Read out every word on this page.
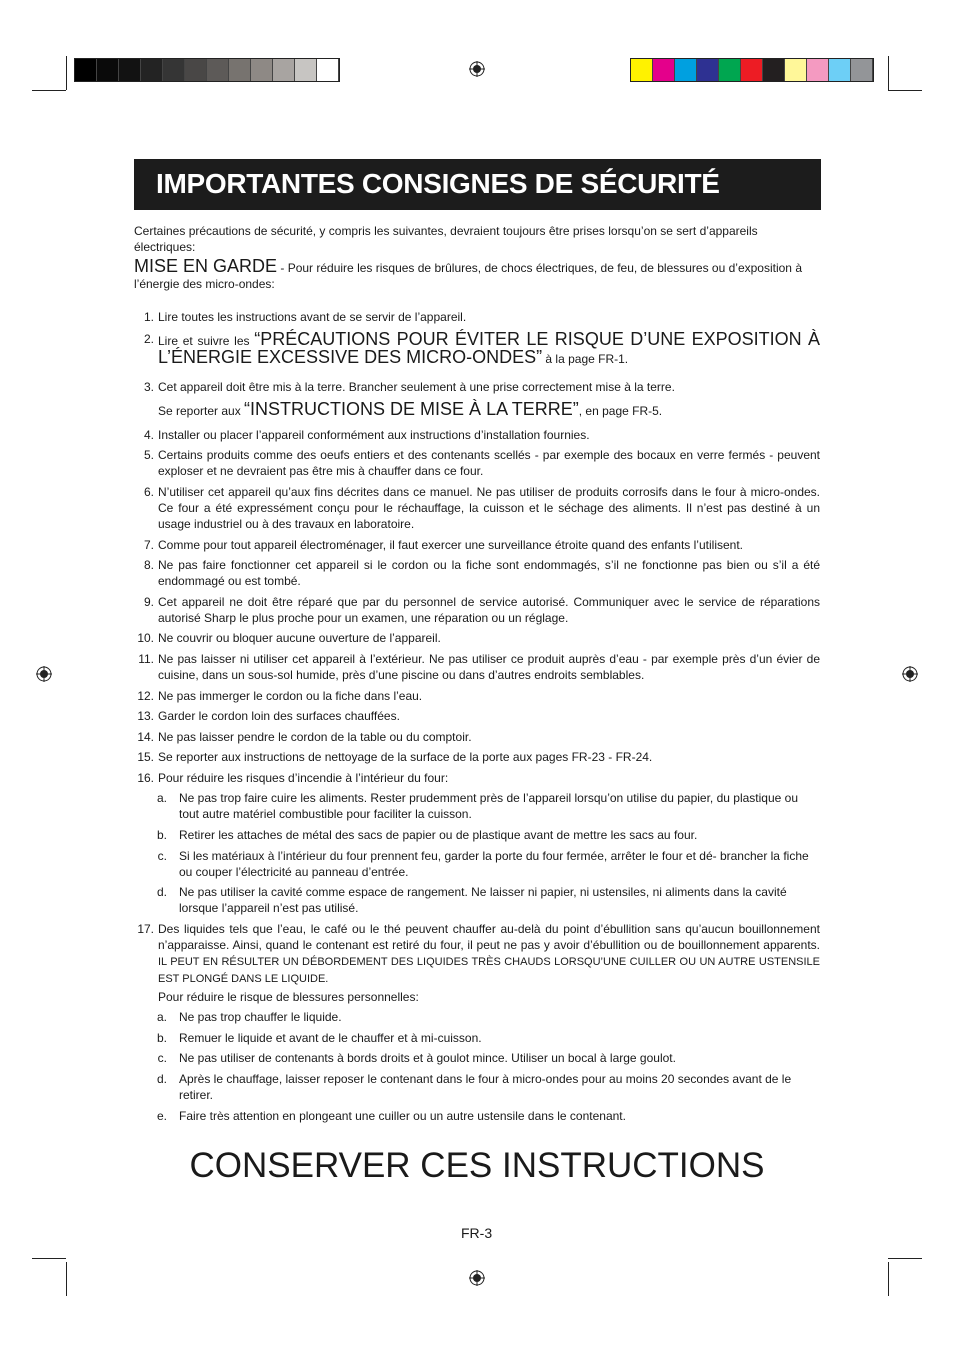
IMPORTANTES CONSIGNES DE SÉCURITÉ
Certaines précautions de sécurité, y compris les suivantes, devraient toujours être prises lorsqu’on se sert d’appareils électriques:
MISE EN GARDE - Pour réduire les risques de brûlures, de chocs électriques, de feu, de blessures ou d’exposition à l’énergie des micro-ondes:
1. Lire toutes les instructions avant de se servir de l’appareil.
2. Lire et suivre les “PRÉCAUTIONS POUR ÉVITER LE RISQUE D’UNE EXPOSITION À L’ÉNERGIE EXCESSIVE DES MICRO-ONDES” à la page FR-1.
3. Cet appareil doit être mis à la terre. Brancher seulement à une prise correctement mise à la terre.
Se reporter aux “INSTRUCTIONS DE MISE À LA TERRE”, en page FR-5.
4. Installer ou placer l’appareil conformément aux instructions d’installation fournies.
5. Certains produits comme des oeufs entiers et des contenants scellés - par exemple des bocaux en verre fermés - peuvent exploser et ne devraient pas être mis à chauffer dans ce four.
6. N’utiliser cet appareil qu’aux fins décrites dans ce manuel. Ne pas utiliser de produits corrosifs dans le four à micro-ondes. Ce four a été expressément conçu pour le réchauffage, la cuisson et le séchage des aliments. Il n’est pas destiné à un usage industriel ou à des travaux en laboratoire.
7. Comme pour tout appareil électroménager, il faut exercer une surveillance étroite quand des enfants l’utilisent.
8. Ne pas faire fonctionner cet appareil si le cordon ou la fiche sont endommagés, s’il ne fonctionne pas bien ou s’il a été endommagé ou est tombé.
9. Cet appareil ne doit être réparé que par du personnel de service autorisé. Communiquer avec le service de réparations autorisé Sharp le plus proche pour un examen, une réparation ou un réglage.
10. Ne couvrir ou bloquer aucune ouverture de l’appareil.
11. Ne pas laisser ni utiliser cet appareil à l’extérieur. Ne pas utiliser ce produit auprès d’eau - par exemple près d’un évier de cuisine, dans un sous-sol humide, près d’une piscine ou dans d’autres endroits semblables.
12. Ne pas immerger le cordon ou la fiche dans l’eau.
13. Garder le cordon loin des surfaces chauffées.
14. Ne pas laisser pendre le cordon de la table ou du comptoir.
15. Se reporter aux instructions de nettoyage de la surface de la porte aux pages FR-23 - FR-24.
16. Pour réduire les risques d’incendie à l’intérieur du four:
17. Des liquides tels que l’eau, le café ou le thé peuvent chauffer au-delà du point d’ébullition sans qu’aucun bouillonnement n’apparaisse. Ainsi, quand le contenant est retiré du four, il peut ne pas y avoir d’ébullition ou de bouillonnement apparents. IL PEUT EN RÉSULTER UN DÉBORDEMENT DES LIQUIDES TRÈS CHAUDS LORSQU’UNE CUILLER OU UN AUTRE USTENSILE EST PLONGÉ DANS LE LIQUIDE.
Pour réduire le risque de blessures personnelles:
a. Ne pas trop faire cuire les aliments. Rester prudemment près de l’appareil lorsqu’on utilise du papier, du plastique ou tout autre matériel combustible pour faciliter la cuisson.
b. Retirer les attaches de métal des sacs de papier ou de plastique avant de mettre les sacs au four.
c. Si les matériaux à l’intérieur du four prennent feu, garder la porte du four fermée, arrêter le four et dé- brancher la fiche ou couper l’électricité au panneau d’entrée.
d. Ne pas utiliser la cavité comme espace de rangement. Ne laisser ni papier, ni ustensiles, ni aliments dans la cavité lorsque l’appareil n’est pas utilisé.
a. Ne pas trop chauffer le liquide.
b. Remuer le liquide et avant de le chauffer et à mi-cuisson.
c. Ne pas utiliser de contenants à bords droits et à goulot mince. Utiliser un bocal à large goulot.
d. Après le chauffage, laisser reposer le contenant dans le four à micro-ondes pour au moins 20 secondes avant de le retirer.
e. Faire très attention en plongeant une cuiller ou un autre ustensile dans le contenant.
CONSERVER CES INSTRUCTIONS
FR-3
